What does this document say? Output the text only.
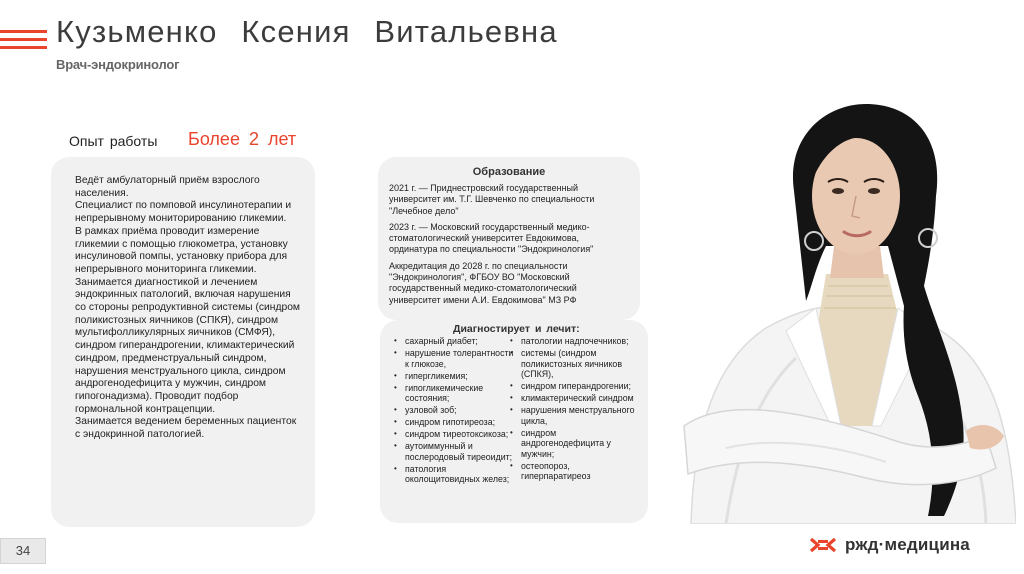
Кузьменко Ксения Витальевна
Врач-эндокринолог
Опыт работы Более 2 лет
Ведёт амбулаторный приём взрослого населения.
Специалист по помповой инсулинотерапии и непрерывному мониторированию гликемии.
В рамках приёма проводит измерение гликемии с помощью глюкометра, установку инсулиновой помпы, установку прибора для непрерывного мониторинга гликемии.
Занимается диагностикой и лечением эндокринных патологий, включая нарушения со стороны репродуктивной системы (синдром поликистозных яичников (СПКЯ), синдром мультифолликулярных яичников (СМФЯ), синдром гиперандрогении, климактерический синдром, предменструальный синдром, нарушения менструального цикла, синдром андрогенодефицита у мужчин, синдром гипогонадизма). Проводит подбор гормональной контрацепции.
Занимается ведением беременных пациенток с эндокринной патологией.
Образование
2021 г. — Приднестровский государственный университет им. Т.Г. Шевченко по специальности "Лечебное дело"
2023 г. — Московский государственный медико-стоматологический университет Евдокимова, ординатура по специальности "Эндокринология"
Аккредитация до 2028 г. по специальности "Эндокринология", ФГБОУ ВО "Московский государственный медико-стоматологический университет имени А.И. Евдокимова" МЗ РФ
Диагностирует и лечит:
• сахарный диабет;
• нарушение толерантности к глюкозе,
• гипергликемия;
• гипогликемические состояния;
• узловой зоб;
• синдром гипотиреоза;
• синдром тиреотоксикоза;
• аутоиммунный и послеродовый тиреоидит;
• патология околощитовидных желез;
• патологии надпочечников;
• системы (синдром поликистозных яичников (СПКЯ),
• синдром гиперандрогении;
• климактерический синдром
• нарушения менструального цикла,
• синдром андрогенодефицита у мужчин;
• остеопороз, гиперпаратиреоз
34	ржд·медицина
